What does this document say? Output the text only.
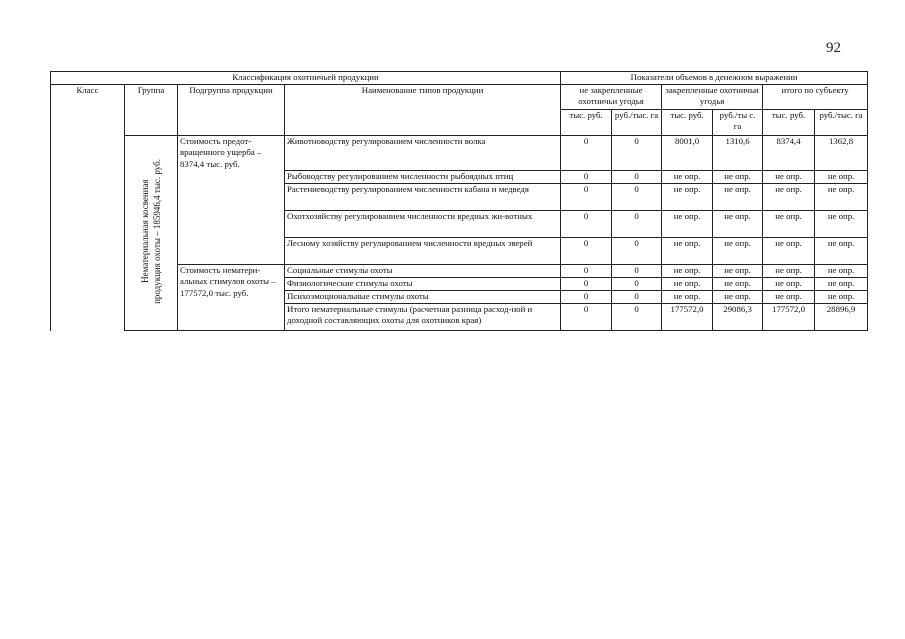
92
Классификация охотничьей продукции				Показатели объемов в денежном выражении					
Класс	Группа	Подгруппа продукции	Наименование типов продукции	не закрепленные охотничьи угодья		закрепленные охотничьи угодья		итого по субъекту	
				тыс. руб.	руб./тыс. га	тыс. руб.	руб./ты с. га	тыс. руб.	руб./тыс. га

	Нематериальная косвенная продукция охоты – 185946,4 тыс. руб.	Стоимость предот-вращенного ущерба – 8374,4 тыс. руб.	Животноводству регулированием численности волка	0	0	8001,0	1310,6	8374,4	1362,8
			Рыбоводству регулированием численности рыбоядных птиц	0	0	не опр.	не опр.	не опр.	не опр.
			Растениеводству регулированием численности кабана и медведя	0	0	не опр.	не опр.	не опр.	не опр.
			Охотхозяйству регулированием численности вредных жи-вотных	0	0	не опр.	не опр.	не опр.	не опр.
			Лесному хозяйству регулированием численности вредных зверей	0	0	не опр.	не опр.	не опр.	не опр.
		Стоимость нематери-альных стимулов охоты – 177572,0 тыс. руб.	Социальные стимулы охоты	0	0	не опр.	не опр.	не опр.	не опр.
			Физиологические стимулы охоты	0	0	не опр.	не опр.	не опр.	не опр.
			Психоэмоциональные стимулы охоты	0	0	не опр.	не опр.	не опр.	не опр.
			Итого нематериальные стимулы (расчетная разница расход-ной и доходной составляющих охоты для охотников края)	0	0	177572,0	29086,3	177572,0	28896,9
